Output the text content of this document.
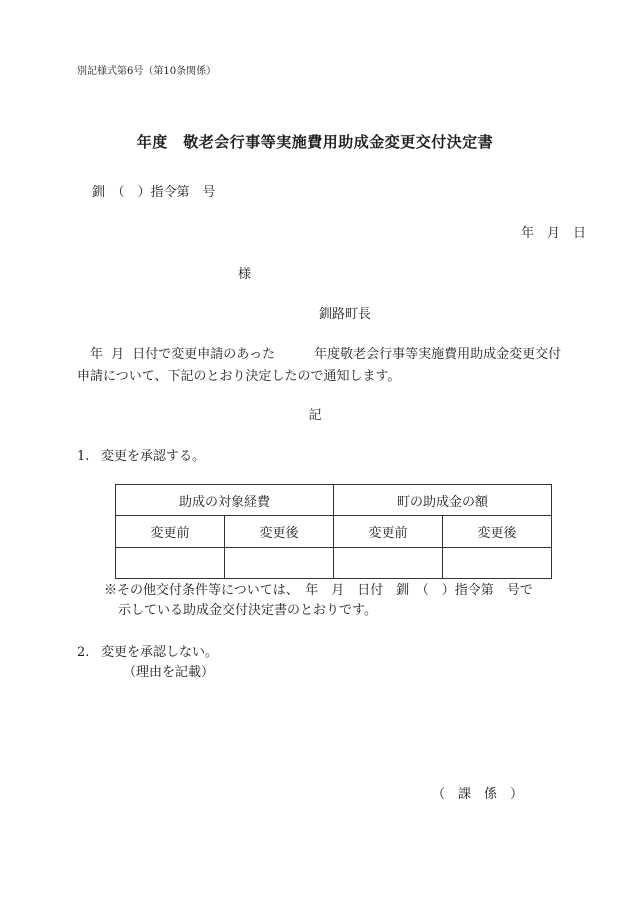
別記様式第6号（第10条関係）
年度　敬老会行事等実施費用助成金変更交付決定書
釧　（　）指令第　号
年　月　日
様
釧路町長

年 月 日付で変更申請のあった　　　年度敬老会行事等実施費用助成金変更交付

申請について、下記のとおり決定したので通知します。

記
1. 変更を承認する。
助成の対象経費		町の助成金の額	
変更前	変更後	変更前	変更後

※その他交付条件等については、　年　月　日付　釧　（　）指令第　号で
示している助成金交付決定書のとおりです。
2. 変更を承認しない。
（理由を記載）
（　課　係　）
